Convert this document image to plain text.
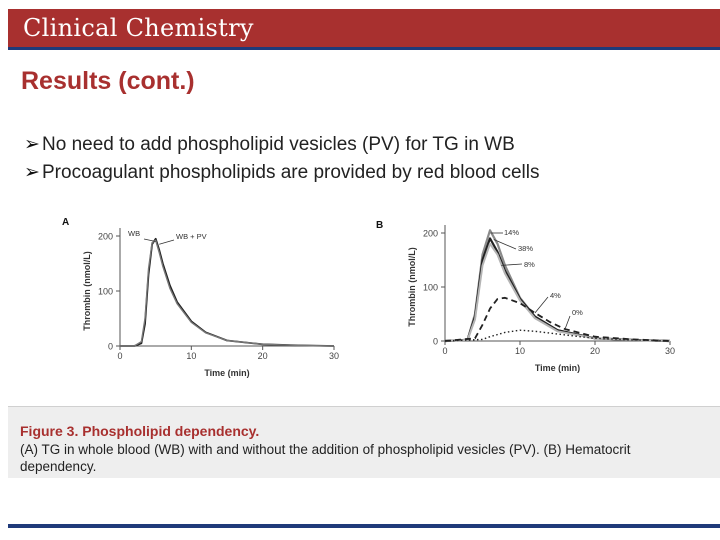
Clinical Chemistry
Results (cont.)
➢ No need to add phospholipid vesicles (PV) for TG in WB
➢ Procoagulant phospholipids are provided by red blood cells
A
0
100
200
0	10	20	30
Time (min)
Thrombin (nmol/L)
WB	WB + PV
B
0
100
200
0	10	20	30
Time (min)
Thrombin (nmol/L)
14%
38%
8%
4%
0%
Figure 3. Phospholipid dependency.
(A) TG in whole blood (WB) with and without the addition of phospholipid vesicles (PV). (B) Hematocrit dependency.
